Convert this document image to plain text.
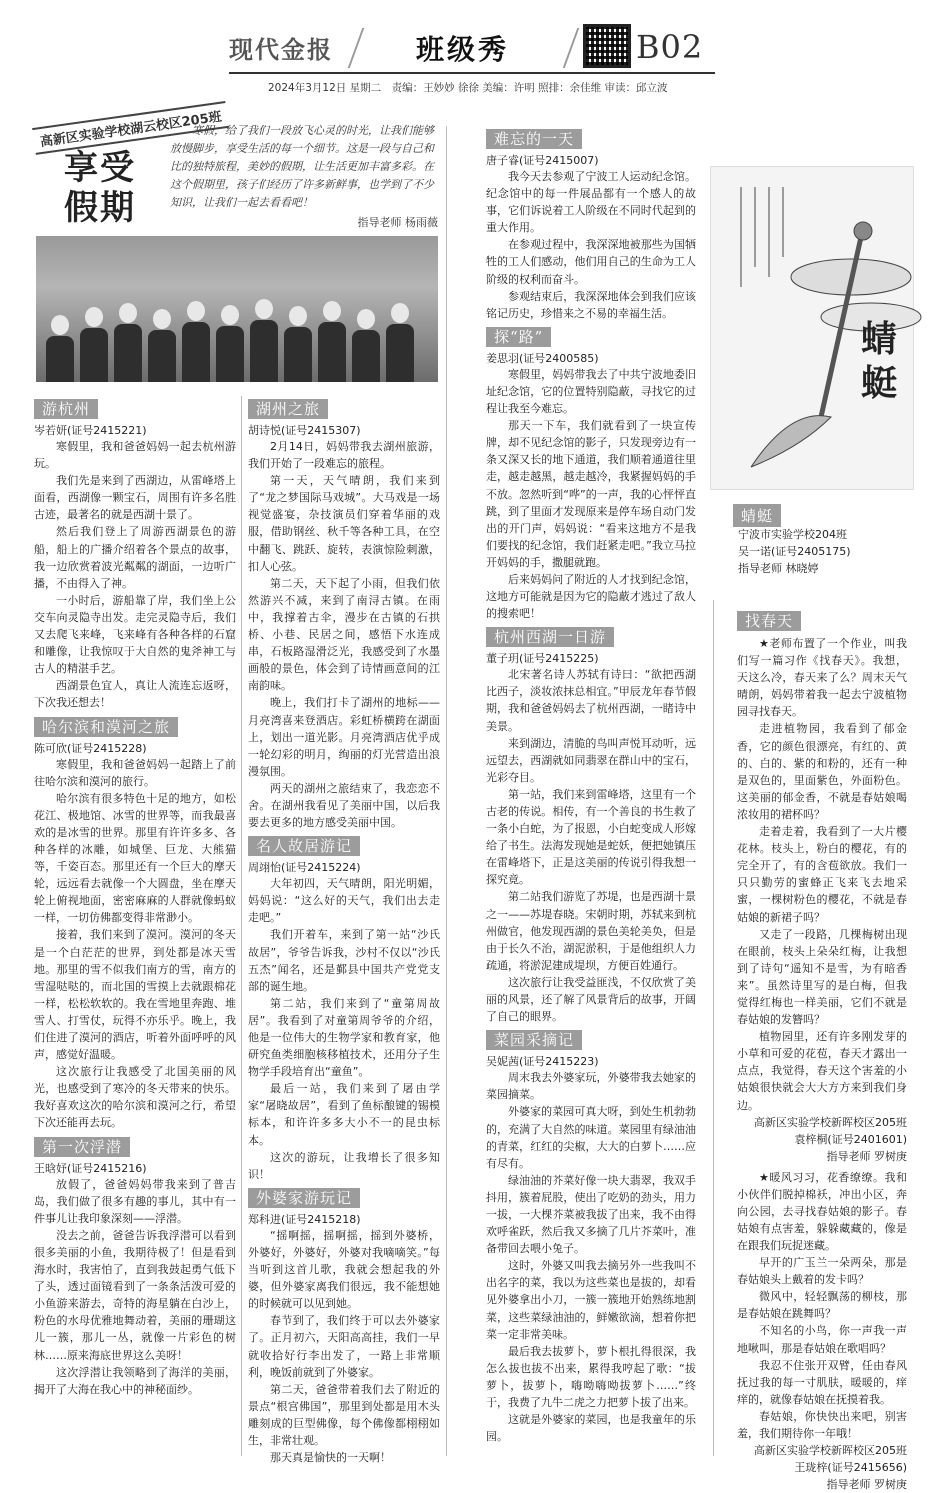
现代金报	班级秀	B02
2024年3月12日 星期二　责编：王妙妙 徐徐 美编：许明 照排：余佳维 审读：邱立波
高新区实验学校湖云校区205班
享受
假期
寒假，给了我们一段放飞心灵的时光，让我们能够放慢脚步，享受生活的每一个细节。这是一段与自己和比的独特旅程，美妙的假期，让生活更加丰富多彩。在这个假期里，孩子们经历了许多新鲜事，也学到了不少知识，让我们一起去看看吧！
指导老师 杨雨薇
蜻蜓
蜻蜓
宁波市实验学校204班
吴一诺(证号2405175)
指导老师 林晓婷
游杭州
岑若妍(证号2415221)

寒假里，我和爸爸妈妈一起去杭州游玩。

我们先是来到了西湖边，从雷峰塔上面看，西湖像一颗宝石，周围有许多名胜古迹，最著名的就是西湖十景了。

然后我们登上了周游西湖景色的游船，船上的广播介绍着各个景点的故事，我一边欣赏着波光粼粼的湖面，一边听广播，不由得入了神。

一小时后，游船靠了岸，我们坐上公交车向灵隐寺出发。走完灵隐寺后，我们又去爬飞来峰，飞来峰有各种各样的石窟和雕像，让我惊叹于大自然的鬼斧神工与古人的精湛手艺。

西湖景色宜人，真让人流连忘返呀，下次我还想去！

哈尔滨和漠河之旅
陈可欣(证号2415228)

寒假里，我和爸爸妈妈一起踏上了前往哈尔滨和漠河的旅行。

哈尔滨有很多特色十足的地方，如松花江、极地馆、冰雪的世界等，而我最喜欢的是冰雪的世界。那里有许许多多、各种各样的冰雕，如城堡、巨龙、大熊猫等，千姿百态。那里还有一个巨大的摩天轮，远远看去就像一个大圆盘，坐在摩天轮上俯视地面，密密麻麻的人群就像蚂蚁一样，一切仿佛都变得非常渺小。

接着，我们来到了漠河。漠河的冬天是一个白茫茫的世界，到处都是冰天雪地。那里的雪不似我们南方的雪，南方的雪湿哒哒的，而北国的雪摸上去就跟棉花一样，松松软软的。我在雪地里奔跑、堆雪人、打雪仗，玩得不亦乐乎。晚上，我们住进了漠河的酒店，听着外面呼呼的风声，感觉好温暖。

这次旅行让我感受了北国美丽的风光，也感受到了寒冷的冬天带来的快乐。我好喜欢这次的哈尔滨和漠河之行，希望下次还能再去玩。

第一次浮潜
王晗妤(证号2415216)

放假了，爸爸妈妈带我来到了普吉岛，我们做了很多有趣的事儿，其中有一件事儿让我印象深刻——浮潜。

没去之前，爸爸告诉我浮潜可以看到很多美丽的小鱼，我期待极了！但是看到海水时，我害怕了，直到我鼓起勇气低下了头，透过面镜看到了一条条活泼可爱的小鱼游来游去，奇特的海星躺在白沙上，粉色的水母优雅地舞动着，美丽的珊瑚这儿一簇，那儿一丛，就像一片彩色的树林……原来海底世界这么美呀！

这次浮潜让我领略到了海洋的美丽，揭开了大海在我心中的神秘面纱。

湖州之旅
胡诗悦(证号2415307)

2月14日，妈妈带我去湖州旅游，我们开始了一段难忘的旅程。

第一天，天气晴朗，我们来到了“龙之梦国际马戏城”。大马戏是一场视觉盛宴，杂技演员们穿着华丽的戏服，借助钢丝、秋千等各种工具，在空中翻飞、跳跃、旋转，表演惊险刺激，扣人心弦。

第二天，天下起了小雨，但我们依然游兴不减，来到了南浔古镇。在雨中，我撑着古伞，漫步在古镇的石拱桥、小巷、民居之间，感悟下水连成串，石板路湿滑泛光，我感受到了水墨画般的景色，体会到了诗情画意间的江南韵味。

晚上，我们打卡了湖州的地标——月亮湾喜来登酒店。彩虹桥横跨在湖面上，划出一道光影。月亮湾酒店优乎成一轮幻彩的明月，绚丽的灯光营造出浪漫氛围。

两天的湖州之旅结束了，我恋恋不舍。在湖州我看见了美丽中国，以后我要去更多的地方感受美丽中国。

名人故居游记
周翊怡(证号2415224)

大年初四，天气晴朗，阳光明媚，妈妈说：“这么好的天气，我们出去走走吧。”

我们开着车，来到了第一站“沙氏故居”，爷爷告诉我，沙村不仅以“沙氏五杰”闻名，还是鄞县中国共产党党支部的诞生地。

第二站，我们来到了“童第周故居”。我看到了对童第周爷爷的介绍，他是一位伟大的生物学家和教育家，他研究鱼类细胞核移植技术，还用分子生物学手段培育出“童鱼”。

最后一站，我们来到了屠由学家“屠晓故居”，看到了鱼标酿键的锡模标本，和许许多多大小不一的昆虫标本。

这次的游玩，让我增长了很多知识！

外婆家游玩记
郑科进(证号2415218)

“摇啊摇，摇啊摇，摇到外婆桥，外婆好，外婆好，外婆对我嘀嘀笑。”每当听到这首儿歌，我就会想起我的外婆，但外婆家离我们很远，我不能想她的时候就可以见到她。

春节到了，我们终于可以去外婆家了。正月初六，天阳高高挂，我们一早就收拾好行李出发了，一路上非常顺利，晚饭前就到了外婆家。

第二天，爸爸带着我们去了附近的景点“根宫佛国”，那里到处都是用木头雕刻成的巨型佛像，每个佛像都栩栩如生，非常壮观。

那天真是愉快的一天啊！

难忘的一天
唐子睿(证号2415007)

我今天去参观了宁波工人运动纪念馆。纪念馆中的每一件展品都有一个感人的故事，它们诉说着工人阶级在不同时代起到的重大作用。

在参观过程中，我深深地被那些为国牺牲的工人们感动，他们用自己的生命为工人阶级的权利而奋斗。

参观结束后，我深深地体会到我们应该铭记历史，珍惜来之不易的幸福生活。

探“路”
姜思羽(证号2400585)

寒假里，妈妈带我去了中共宁波地委旧址纪念馆，它的位置特别隐蔽，寻找它的过程让我至今难忘。

那天一下车，我们就看到了一块宣传牌，却不见纪念馆的影子，只发现旁边有一条又深又长的地下通道，我们顺着通道往里走，越走越黑，越走越冷，我紧握妈妈的手不放。忽然听到“哗”的一声，我的心怦怦直跳，到了里面才发现原来是停车场自动门发出的开门声，妈妈说：“看来这地方不是我们要找的纪念馆，我们赶紧走吧。”我立马拉开妈妈的手，撒腿就跑。

后来妈妈问了附近的人才找到纪念馆，这地方可能就是因为它的隐蔽才逃过了敌人的搜索吧！

杭州西湖一日游
董子玥(证号2415225)

北宋著名诗人苏轼有诗曰：“欲把西湖比西子，淡妆浓抹总相宜。”甲辰龙年春节假期，我和爸爸妈妈去了杭州西湖，一睹诗中美景。

来到湖边，清脆的鸟叫声悦耳动听，远远望去，西湖就如同翡翠在群山中的宝石，光彩夺目。

第一站，我们来到雷峰塔，这里有一个古老的传说。相传，有一个善良的书生救了一条小白蛇，为了报恩，小白蛇变成人形嫁给了书生。法海发现她是蛇妖，便把她镇压在雷峰塔下，正是这美丽的传说引得我想一探究竟。

第二站我们游览了苏堤，也是西湖十景之一——苏堤春晓。宋朝时期，苏轼来到杭州做官，他发现西湖的景色美轮美奂，但是由于长久不治，湖泥淤积，于是他组织人力疏通，将淤泥建成堤坝，方便百姓通行。

这次旅行让我受益匪浅，不仅欣赏了美丽的风景，还了解了风景背后的故事，开阔了自己的眼界。

菜园采摘记
吴妮茜(证号2415223)

周末我去外婆家玩，外婆带我去她家的菜园摘菜。

外婆家的菜园可真大呀，到处生机勃勃的，充满了大自然的味道。菜园里有绿油油的青菜，红红的尖椒，大大的白萝卜……应有尽有。

绿油油的芥菜好像一块大翡翠，我双手抖用，簇着屁股，使出了吃奶的劲头，用力一拔，一大棵芥菜被我拔了出来，我不由得欢呼雀跃，然后我又多摘了几片芥菜叶，准备带回去喂小兔子。

这时，外婆又叫我去摘另外一些我叫不出名字的菜，我以为这些菜也是拔的，却看见外婆拿出小刀，一簇一簇地开始熟练地割菜，这些菜绿油油的，鲜嫩欲滴，想着你把菜一定非常美味。

最后我去拔萝卜，萝卜根扎得很深，我怎么拔也拔不出来，累得我哼起了歌：“拔萝卜，拔萝卜，嗨呦嗨呦拔萝卜……”终于，我费了九牛二虎之力把萝卜拔了出来。

这就是外婆家的菜园，也是我童年的乐园。

找春天

★老师布置了一个作业，叫我们写一篇习作《找春天》。我想，天这么冷，春天来了么？周末天气晴朗，妈妈带着我一起去宁波植物园寻找春天。

走进植物园，我看到了郁金香，它的颜色很漂亮，有红的、黄的、白的、紫的和粉的，还有一种是双色的，里面紫色，外面粉色。这美丽的郁金香，不就是春姑娘喝浓妆用的裙杯吗？

走着走着，我看到了一大片樱花林。枝头上，粉白的樱花，有的完全开了，有的含苞欲放。我们一只只勤劳的蜜蜂正飞来飞去地采蜜，一棵树粉色的樱花，不就是春姑娘的新裙子吗？

又走了一段路，几棵梅树出现在眼前，枝头上朵朵红梅，让我想到了诗句“遥知不是雪，为有暗香来”。虽然诗里写的是白梅，但我觉得红梅也一样美丽，它们不就是春姑娘的发簪吗？

植物园里，还有许多刚发芽的小草和可爱的花苞，春天才露出一点点，我觉得，春天这个害羞的小姑娘很快就会大大方方来到我们身边。

高新区实验学校新晖校区205班
袁梓桐(证号2401601)
指导老师 罗树庚

★暖风习习，花香缭缭。我和小伙伴们脱掉棉袄，冲出小区，奔向公园，去寻找春姑娘的影子。春姑娘有点害羞，躲躲藏藏的，像是在跟我们玩捉迷藏。

早开的广玉兰一朵两朵，那是春姑娘头上戴着的发卡吗？

微风中，轻轻飘荡的柳枝，那是春姑娘在跳舞吗？

不知名的小鸟，你一声我一声地啾叫，那是春姑娘在歌唱吗？

我忍不住张开双臂，任由春风抚过我的每一寸肌肤，暖暖的，痒痒的，就像春姑娘在抚摸着我。

春姑娘，你快快出来吧，别害羞，我们期待你一年哦！

高新区实验学校新晖校区205班
王珑梓(证号2415656)
指导老师 罗树庚
